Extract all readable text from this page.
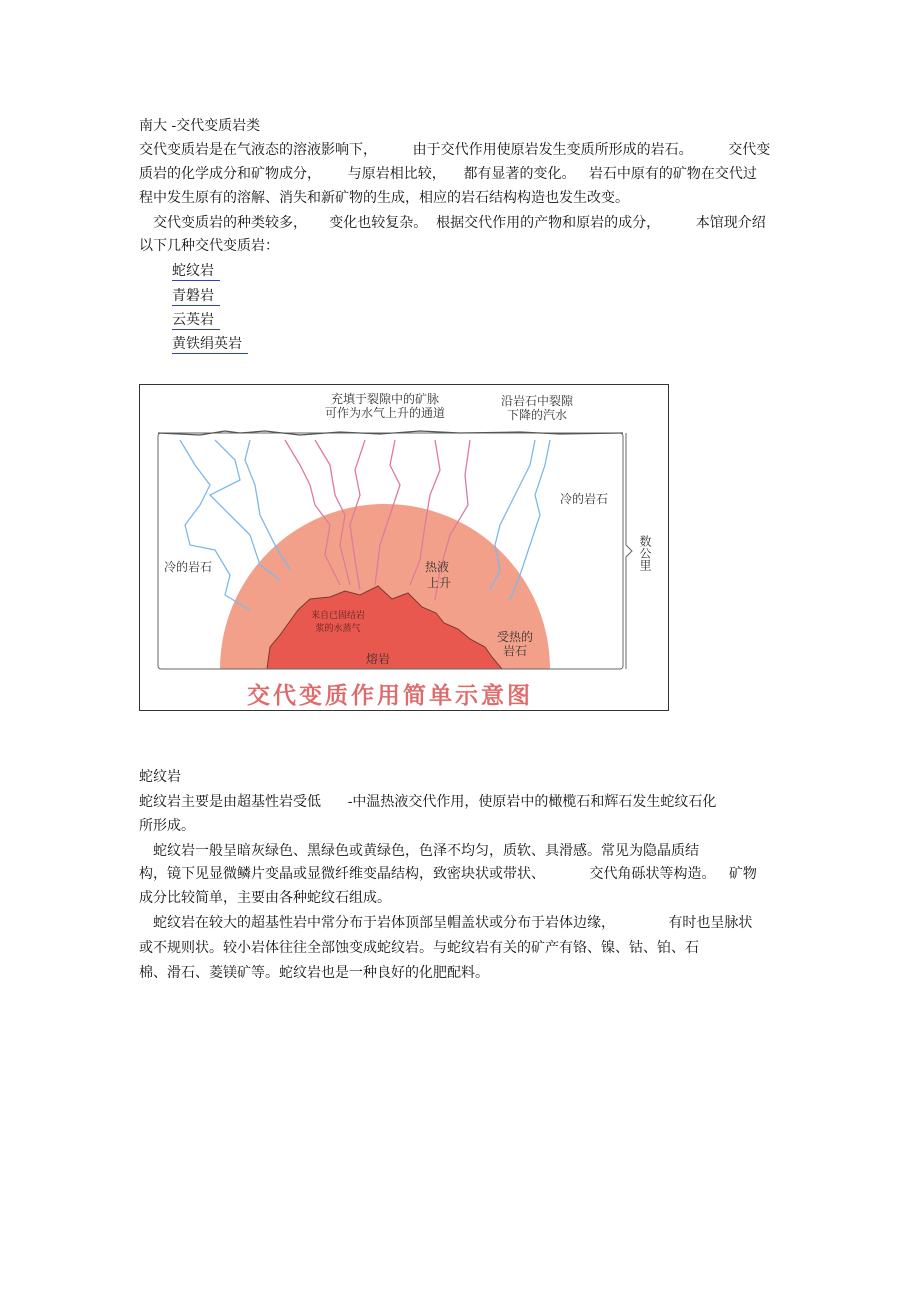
南大 -交代变质岩类
交代变质岩是在气液态的溶液影响下，        由于交代作用使原岩发生变质所形成的岩石。        交代变
质岩的化学成分和矿物成分，      与原岩相比较，    都有显著的变化。   岩石中原有的矿物在交代过
程中发生原有的溶解、消失和新矿物的生成，相应的岩石结构构造也发生改变。
交代变质岩的种类较多，     变化也较复杂。  根据交代作用的产物和原岩的成分，        本馆现介绍
以下几种交代变质岩：
蛇纹岩
青磐岩
云英岩
黄铁绢英岩
充填于裂隙中的矿脉
可作为水气上升的通道
沿岩石中裂隙
下降的汽水
冷的岩石
冷的岩石	数公里
热液
上升
来自已固结岩
浆的水蒸气
受热的
岩石
熔岩
交代变质作用简单示意图
蛇纹岩
蛇纹岩主要是由超基性岩受低      -中温热液交代作用，使原岩中的橄榄石和辉石发生蛇纹石化
所形成。
蛇纹岩一般呈暗灰绿色、黑绿色或黄绿色，色泽不均匀，质软、具滑感。常见为隐晶质结
构，镜下见显微鳞片变晶或显微纤维变晶结构，致密块状或带状、          交代角砾状等构造。   矿物
成分比较简单，主要由各种蛇纹石组成。
蛇纹岩在较大的超基性岩中常分布于岩体顶部呈帽盖状或分布于岩体边缘，            有时也呈脉状
或不规则状。较小岩体往往全部蚀变成蛇纹岩。与蛇纹岩有关的矿产有铬、镍、钴、铂、石
棉、滑石、菱镁矿等。蛇纹岩也是一种良好的化肥配料。
